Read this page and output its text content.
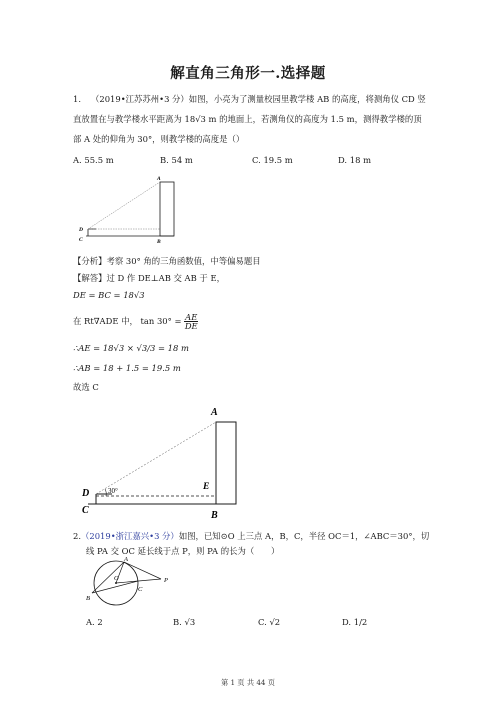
解直角三角形一.选择题
1. （2019•江苏苏州•3 分）如图，小亮为了测量校园里教学楼 AB 的高度，将测角仪 CD 竖
直放置在与教学楼水平距离为 18√3 m 的地面上，若测角仪的高度为 1.5 m，测得教学楼的顶
部 A 处的仰角为 30°，则教学楼的高度是（）
A. 55.5 m	B. 54 m	C. 19.5 m	D. 18 m
A
B
D
C
【分析】考察 30° 角的三角函数值，中等偏易题目
【解答】过 D 作 DE⊥AB 交 AB 于 E，
DE = BC = 18√3
在 Rt∇ADE 中， $\tan 30^\circ = \frac{AE}{DE}$
∴AE = 18√3 × √3/3 = 18 m
∴AB = 18 + 1.5 = 19.5 m
故选 C
A
E
B
D
C
30°
2.（2019•浙江嘉兴•3 分）如图，已知⊙O 上三点 A，B，C，半径 OC＝1，∠ABC＝30°，切
线 PA 交 OC 延长线于点 P，则 PA 的长为（　　）
A
O	P
B
C
A. 2	B. √3	C. √2	D. 1/2
第 1 页 共 44 页
